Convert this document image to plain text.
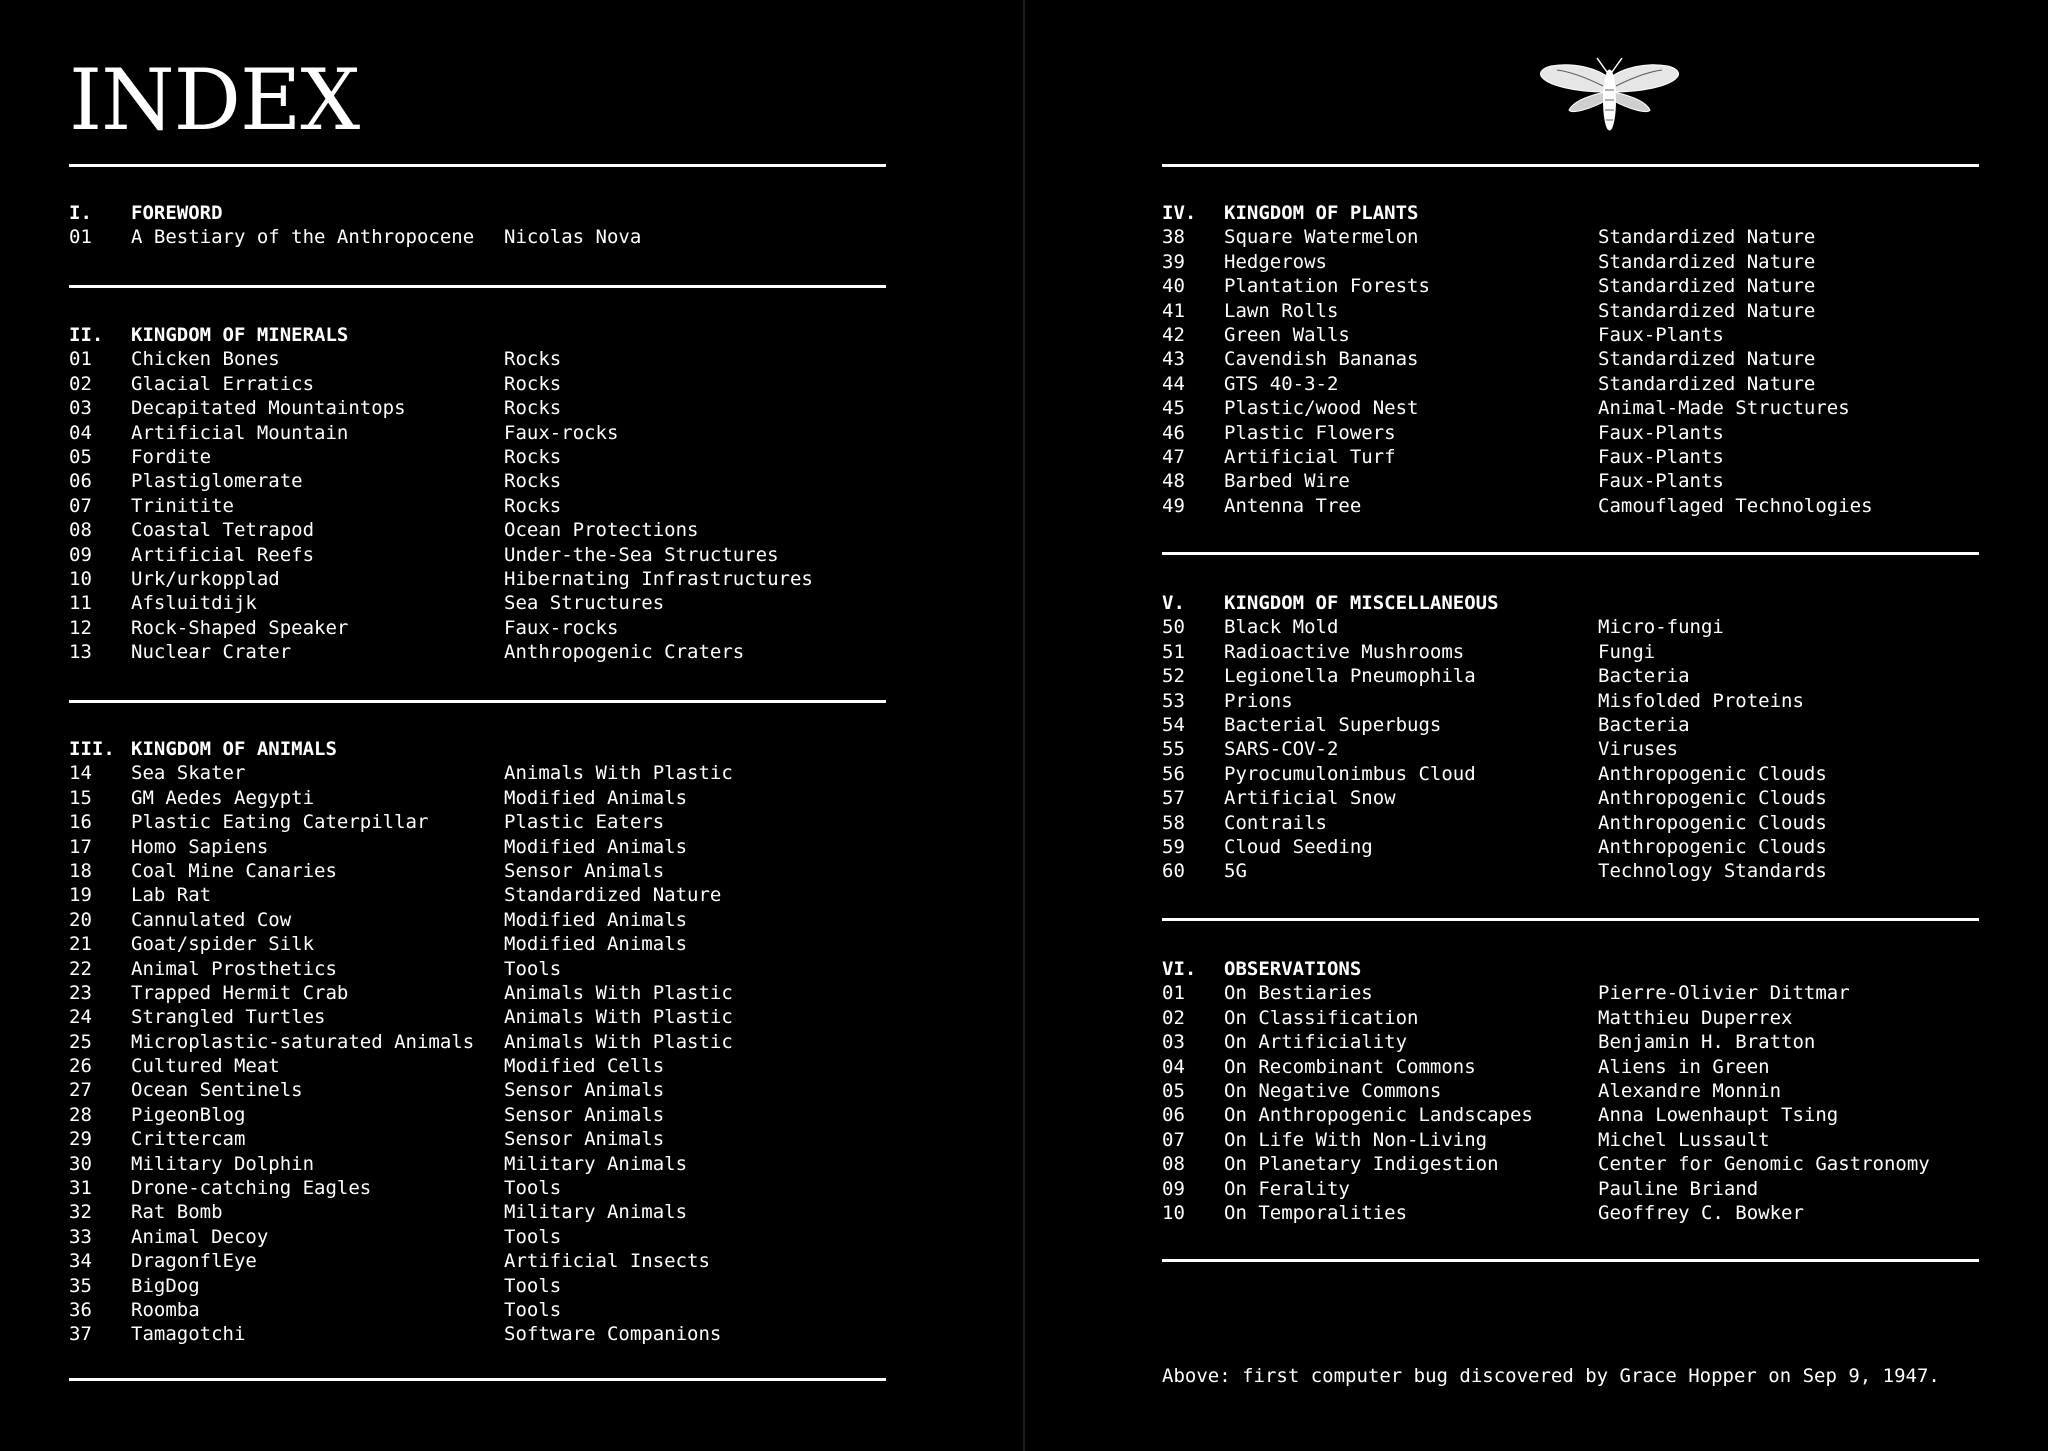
INDEX
I.	FOREWORD
01	A Bestiary of the Anthropocene	Nicolas Nova
II.	KINGDOM OF MINERALS
01	Chicken Bones	Rocks
02	Glacial Erratics	Rocks
03	Decapitated Mountaintops	Rocks
04	Artificial Mountain	Faux-rocks
05	Fordite	Rocks
06	Plastiglomerate	Rocks
07	Trinitite	Rocks
08	Coastal Tetrapod	Ocean Protections
09	Artificial Reefs	Under-the-Sea Structures
10	Urk/urkopplad	Hibernating Infrastructures
11	Afsluitdijk	Sea Structures
12	Rock-Shaped Speaker	Faux-rocks
13	Nuclear Crater	Anthropogenic Craters
III. KINGDOM OF ANIMALS
14	Sea Skater	Animals With Plastic
15	GM Aedes Aegypti	Modified Animals
16	Plastic Eating Caterpillar	Plastic Eaters
17	Homo Sapiens	Modified Animals
18	Coal Mine Canaries	Sensor Animals
19	Lab Rat	Standardized Nature
20	Cannulated Cow	Modified Animals
21	Goat/spider Silk	Modified Animals
22	Animal Prosthetics	Tools
23	Trapped Hermit Crab	Animals With Plastic
24	Strangled Turtles	Animals With Plastic
25	Microplastic-saturated Animals	Animals With Plastic
26	Cultured Meat	Modified Cells
27	Ocean Sentinels	Sensor Animals
28	PigeonBlog	Sensor Animals
29	Crittercam	Sensor Animals
30	Military Dolphin	Military Animals
31	Drone-catching Eagles	Tools
32	Rat Bomb	Military Animals
33	Animal Decoy	Tools
34	DragonflEye	Artificial Insects
35	BigDog	Tools
36	Roomba	Tools
37	Tamagotchi	Software Companions
IV.	KINGDOM OF PLANTS
38	Square Watermelon	Standardized Nature
39	Hedgerows	Standardized Nature
40	Plantation Forests	Standardized Nature
41	Lawn Rolls	Standardized Nature
42	Green Walls	Faux-Plants
43	Cavendish Bananas	Standardized Nature
44	GTS 40-3-2	Standardized Nature
45	Plastic/wood Nest	Animal-Made Structures
46	Plastic Flowers	Faux-Plants
47	Artificial Turf	Faux-Plants
48	Barbed Wire	Faux-Plants
49	Antenna Tree	Camouflaged Technologies
V.	KINGDOM OF MISCELLANEOUS
50	Black Mold	Micro-fungi
51	Radioactive Mushrooms	Fungi
52	Legionella Pneumophila	Bacteria
53	Prions	Misfolded Proteins
54	Bacterial Superbugs	Bacteria
55	SARS-COV-2	Viruses
56	Pyrocumulonimbus Cloud	Anthropogenic Clouds
57	Artificial Snow	Anthropogenic Clouds
58	Contrails	Anthropogenic Clouds
59	Cloud Seeding	Anthropogenic Clouds
60	5G	Technology Standards
VI.	OBSERVATIONS
01	On Bestiaries	Pierre-Olivier Dittmar
02	On Classification	Matthieu Duperrex
03	On Artificiality	Benjamin H. Bratton
04	On Recombinant Commons	Aliens in Green
05	On Negative Commons	Alexandre Monnin
06	On Anthropogenic Landscapes	Anna Lowenhaupt Tsing
07	On Life With Non-Living	Michel Lussault
08	On Planetary Indigestion	Center for Genomic Gastronomy
09	On Ferality	Pauline Briand
10	On Temporalities	Geoffrey C. Bowker
Above: first computer bug discovered by Grace Hopper on Sep 9, 1947.
